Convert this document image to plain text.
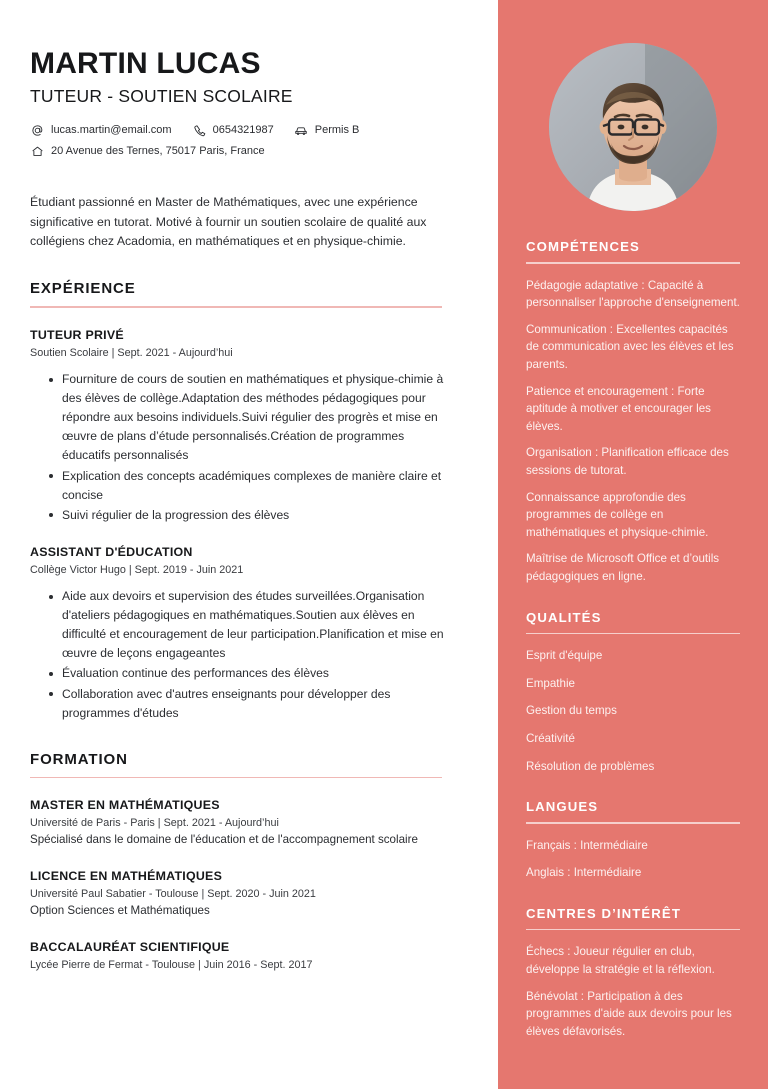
MARTIN LUCAS
TUTEUR - SOUTIEN SCOLAIRE
lucas.martin@email.com	0654321987	Permis B
20 Avenue des Ternes, 75017 Paris, France
Étudiant passionné en Master de Mathématiques, avec une expérience significative en tutorat. Motivé à fournir un soutien scolaire de qualité aux collégiens chez Acadomia, en mathématiques et en physique-chimie.
EXPÉRIENCE
TUTEUR PRIVÉ
Soutien Scolaire | Sept. 2021 - Aujourd’hui
Fourniture de cours de soutien en mathématiques et physique-chimie à des élèves de collège.Adaptation des méthodes pédagogiques pour répondre aux besoins individuels.Suivi régulier des progrès et mise en œuvre de plans d’étude personnalisés.Création de programmes éducatifs personnalisés
Explication des concepts académiques complexes de manière claire et concise
Suivi régulier de la progression des élèves
ASSISTANT D'ÉDUCATION
Collège Victor Hugo | Sept. 2019 - Juin 2021
Aide aux devoirs et supervision des études surveillées.Organisation d'ateliers pédagogiques en mathématiques.Soutien aux élèves en difficulté et encouragement de leur participation.Planification et mise en œuvre de leçons engageantes
Évaluation continue des performances des élèves
Collaboration avec d'autres enseignants pour développer des programmes d'études
FORMATION
MASTER EN MATHÉMATIQUES
Université de Paris - Paris | Sept. 2021 - Aujourd’hui
Spécialisé dans le domaine de l'éducation et de l'accompagnement scolaire
LICENCE EN MATHÉMATIQUES
Université Paul Sabatier - Toulouse | Sept. 2020 - Juin 2021
Option Sciences et Mathématiques
BACCALAURÉAT SCIENTIFIQUE
Lycée Pierre de Fermat - Toulouse | Juin 2016 - Sept. 2017
COMPÉTENCES
Pédagogie adaptative : Capacité à personnaliser l'approche d'enseignement.
Communication : Excellentes capacités de communication avec les élèves et les parents.
Patience et encouragement : Forte aptitude à motiver et encourager les élèves.
Organisation : Planification efficace des sessions de tutorat.
Connaissance approfondie des programmes de collège en mathématiques et physique-chimie.
Maîtrise de Microsoft Office et d’outils pédagogiques en ligne.
QUALITÉS
Esprit d'équipe
Empathie
Gestion du temps
Créativité
Résolution de problèmes
LANGUES
Français : Intermédiaire
Anglais : Intermédiaire
CENTRES D’INTÉRÊT
Échecs : Joueur régulier en club, développe la stratégie et la réflexion.
Bénévolat : Participation à des programmes d'aide aux devoirs pour les élèves défavorisés.
